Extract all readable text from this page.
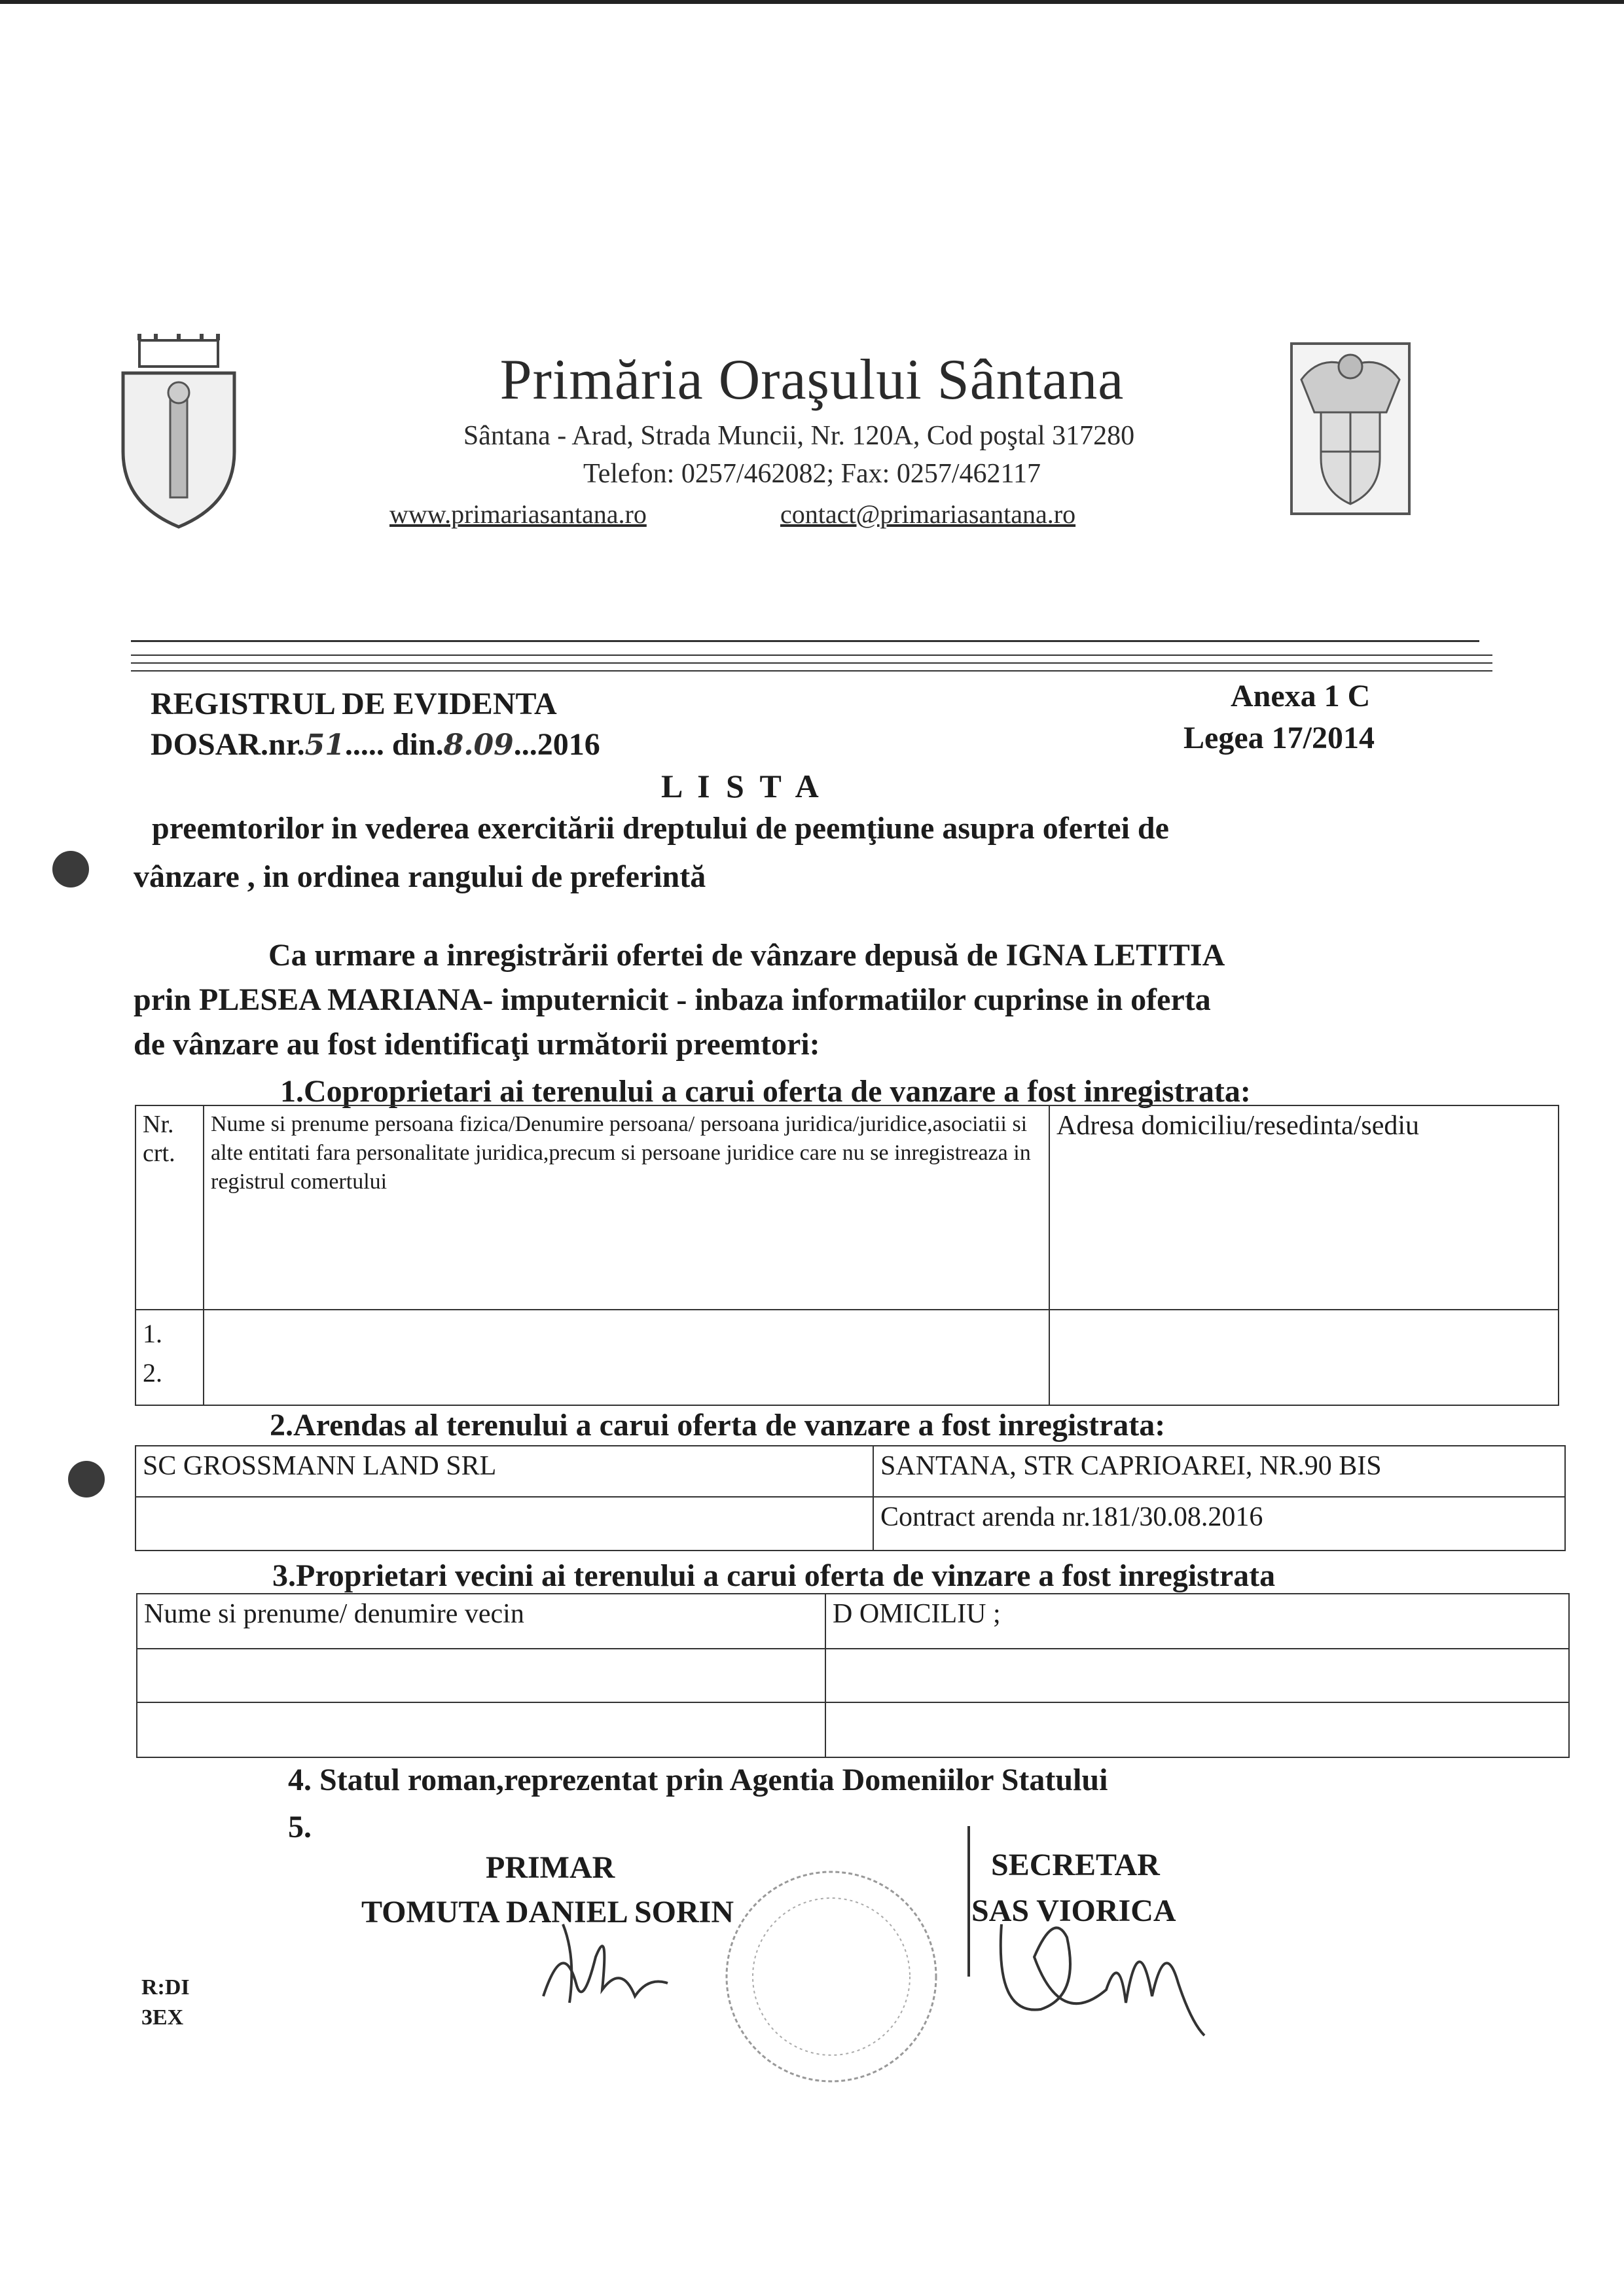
Primăria Oraşului Sântana
Sântana - Arad, Strada Muncii, Nr. 120A, Cod poştal 317280
Telefon: 0257/462082; Fax: 0257/462117
www.primariasantana.ro	contact@primariasantana.ro
REGISTRUL DE EVIDENTA
DOSAR.nr.51..... din.8.09...2016
Anexa 1 C
Legea 17/2014
L I S T A
preemtorilor in vederea exercitării dreptului de peemţiune asupra ofertei de
vânzare , in ordinea rangului de preferintă
Ca urmare a inregistrării ofertei de vânzare depusă de IGNA LETITIA
prin PLESEA MARIANA- imputernicit - inbaza informatiilor cuprinse in oferta
de vânzare au fost identificaţi următorii preemtori:
1.Coproprietari ai terenului a carui oferta de vanzare a fost inregistrata:
Nr. crt.	Nume si prenume persoana fizica/Denumire persoana/ persoana juridica/juridice,asociatii si alte entitati fara personalitate juridica,precum si persoane juridice care nu se inregistreaza in registrul comertului	Adresa domiciliu/resedinta/sediu

1.
2.		

2.Arendas al terenului a carui oferta de vanzare a fost inregistrata:
SC GROSSMANN LAND SRL	SANTANA, STR CAPRIOAREI, NR.90 BIS
	Contract arenda nr.181/30.08.2016
3.Proprietari vecini ai terenului a carui oferta de vinzare a fost inregistrata
Nume si prenume/ denumire vecin	D OMICILIU ;

4. Statul roman,reprezentat prin Agentia Domeniilor Statului
5.
PRIMAR
TOMUTA DANIEL SORIN
SECRETAR
SAS VIORICA
R:DI
3EX
